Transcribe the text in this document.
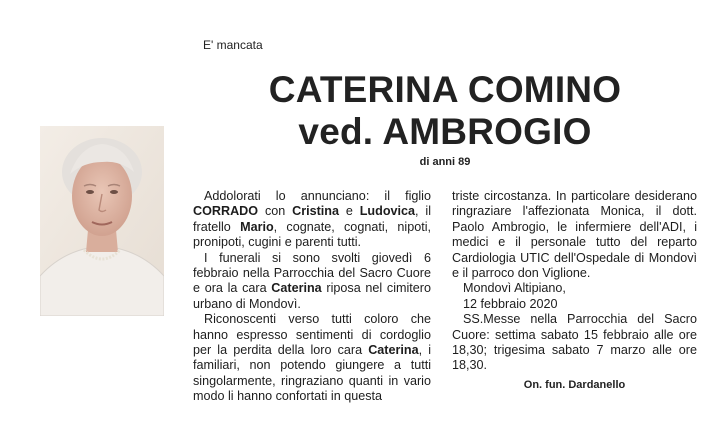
E' mancata
CATERINA COMINO
ved. AMBROGIO
di anni 89

Addolorati lo annunciano: il figlio CORRADO con Cristina e Ludovica, il fratello Mario, cognate, cognati, nipoti, pronipoti, cugini e parenti tutti.

I funerali si sono svolti giovedì 6 febbraio nella Parrocchia del Sacro Cuore e ora la cara Caterina riposa nel cimitero urbano di Mondovì.

Riconoscenti verso tutti coloro che hanno espresso sentimenti di cordoglio per la perdita della loro cara Caterina, i familiari, non potendo giungere a tutti singolarmente, ringraziano quanti in vario modo li hanno confortati in questa

triste circostanza. In particolare desiderano ringraziare l'affezionata Monica, il dott. Paolo Ambrogio, le infermiere dell'ADI, i medici e il personale tutto del reparto Cardiologia UTIC dell'Ospedale di Mondovì e il parroco don Viglione.

Mondovì Altipiano,

12 febbraio 2020

SS.Messe nella Parrocchia del Sacro Cuore: settima sabato 15 febbraio alle ore 18,30; trigesima sabato 7 marzo alle ore 18,30.

On. fun. Dardanello
